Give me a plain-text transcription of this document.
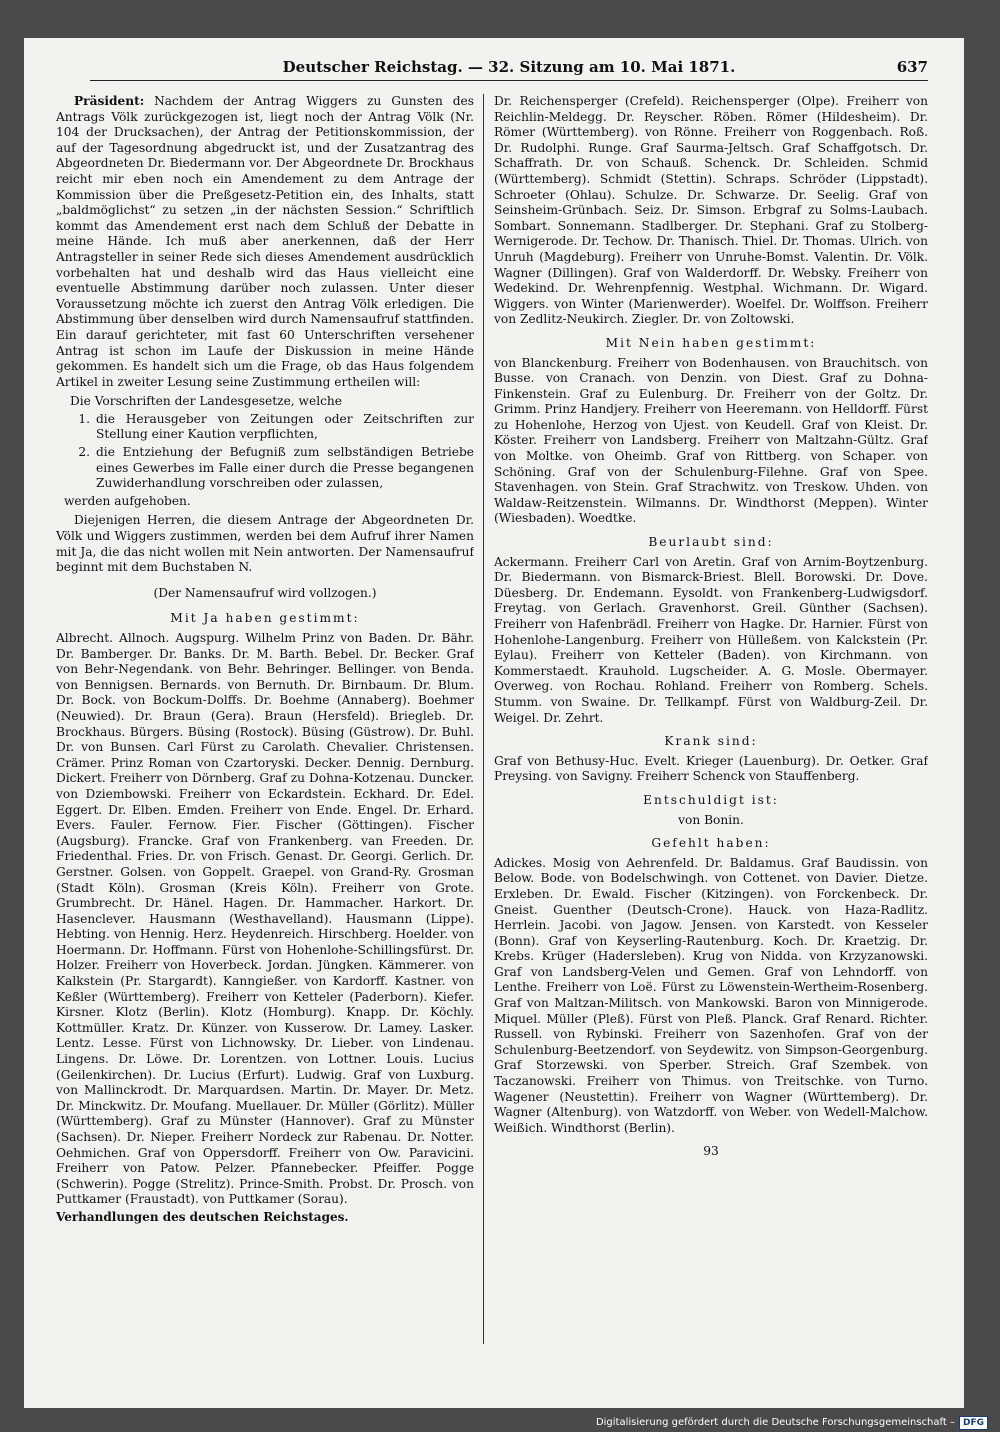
Deutscher Reichstag. — 32. Sitzung am 10. Mai 1871.	637

Präsident: Nachdem der Antrag Wiggers zu Gunsten des Antrags Völk zurückgezogen ist, liegt noch der Antrag Völk (Nr. 104 der Drucksachen), der Antrag der Petitionskommission, der auf der Tagesordnung abgedruckt ist, und der Zusatzantrag des Abgeordneten Dr. Biedermann vor. Der Abgeordnete Dr. Brockhaus reicht mir eben noch ein Amendement zu dem Antrage der Kommission über die Preßgesetz-Petition ein, des Inhalts, statt „baldmöglichst“ zu setzen „in der nächsten Session.“ Schriftlich kommt das Amendement erst nach dem Schluß der Debatte in meine Hände. Ich muß aber anerkennen, daß der Herr Antragsteller in seiner Rede sich dieses Amendement ausdrücklich vorbehalten hat und deshalb wird das Haus vielleicht eine eventuelle Abstimmung darüber noch zulassen. Unter dieser Voraussetzung möchte ich zuerst den Antrag Völk erledigen. Die Abstimmung über denselben wird durch Namensaufruf stattfinden. Ein darauf gerichteter, mit fast 60 Unterschriften versehener Antrag ist schon im Laufe der Diskussion in meine Hände gekommen. Es handelt sich um die Frage, ob das Haus folgendem Artikel in zweiter Lesung seine Zustimmung ertheilen will:

Die Vorschriften der Landesgesetze, welche
1. die Herausgeber von Zeitungen oder Zeitschriften zur Stellung einer Kaution verpflichten,
2. die Entziehung der Befugniß zum selbständigen Betriebe eines Gewerbes im Falle einer durch die Presse begangenen Zuwiderhandlung vorschreiben oder zulassen,
werden aufgehoben.

Diejenigen Herren, die diesem Antrage der Abgeordneten Dr. Völk und Wiggers zustimmen, werden bei dem Aufruf ihrer Namen mit Ja, die das nicht wollen mit Nein antworten. Der Namensaufruf beginnt mit dem Buchstaben N.

(Der Namensaufruf wird vollzogen.)
Mit Ja haben gestimmt:

Albrecht. Allnoch. Augspurg. Wilhelm Prinz von Baden. Dr. Bähr. Dr. Bamberger. Dr. Banks. Dr. M. Barth. Bebel. Dr. Becker. Graf von Behr-Negendank. von Behr. Behringer. Bellinger. von Benda. von Bennigsen. Bernards. von Bernuth. Dr. Birnbaum. Dr. Blum. Dr. Bock. von Bockum-Dolffs. Dr. Boehme (Annaberg). Boehmer (Neuwied). Dr. Braun (Gera). Braun (Hersfeld). Briegleb. Dr. Brockhaus. Bürgers. Büsing (Rostock). Büsing (Güstrow). Dr. Buhl. Dr. von Bunsen. Carl Fürst zu Carolath. Chevalier. Christensen. Crämer. Prinz Roman von Czartoryski. Decker. Dennig. Dernburg. Dickert. Freiherr von Dörnberg. Graf zu Dohna-Kotzenau. Duncker. von Dziembowski. Freiherr von Eckardstein. Eckhard. Dr. Edel. Eggert. Dr. Elben. Emden. Freiherr von Ende. Engel. Dr. Erhard. Evers. Fauler. Fernow. Fier. Fischer (Göttingen). Fischer (Augsburg). Francke. Graf von Frankenberg. van Freeden. Dr. Friedenthal. Fries. Dr. von Frisch. Genast. Dr. Georgi. Gerlich. Dr. Gerstner. Golsen. von Goppelt. Graepel. von Grand-Ry. Grosman (Stadt Köln). Grosman (Kreis Köln). Freiherr von Grote. Grumbrecht. Dr. Hänel. Hagen. Dr. Hammacher. Harkort. Dr. Hasenclever. Hausmann (Westhavelland). Hausmann (Lippe). Hebting. von Hennig. Herz. Heydenreich. Hirschberg. Hoelder. von Hoermann. Dr. Hoffmann. Fürst von Hohenlohe-Schillingsfürst. Dr. Holzer. Freiherr von Hoverbeck. Jordan. Jüngken. Kämmerer. von Kalkstein (Pr. Stargardt). Kanngießer. von Kardorff. Kastner. von Keßler (Württemberg). Freiherr von Ketteler (Paderborn). Kiefer. Kirsner. Klotz (Berlin). Klotz (Homburg). Knapp. Dr. Köchly. Kottmüller. Kratz. Dr. Künzer. von Kusserow. Dr. Lamey. Lasker. Lentz. Lesse. Fürst von Lichnowsky. Dr. Lieber. von Lindenau. Lingens. Dr. Löwe. Dr. Lorentzen. von Lottner. Louis. Lucius (Geilenkirchen). Dr. Lucius (Erfurt). Ludwig. Graf von Luxburg. von Mallinckrodt. Dr. Marquardsen. Martin. Dr. Mayer. Dr. Metz. Dr. Minckwitz. Dr. Moufang. Muellauer. Dr. Müller (Görlitz). Müller (Württemberg). Graf zu Münster (Hannover). Graf zu Münster (Sachsen). Dr. Nieper. Freiherr Nordeck zur Rabenau. Dr. Notter. Oehmichen. Graf von Oppersdorff. Freiherr von Ow. Paravicini. Freiherr von Patow. Pelzer. Pfannebecker. Pfeiffer. Pogge (Schwerin). Pogge (Strelitz). Prince-Smith. Probst. Dr. Prosch. von Puttkamer (Fraustadt). von Puttkamer (Sorau).

Verhandlungen des deutschen Reichstages.

Dr. Reichensperger (Crefeld). Reichensperger (Olpe). Freiherr von Reichlin-Meldegg. Dr. Reyscher. Röben. Römer (Hildesheim). Dr. Römer (Württemberg). von Rönne. Freiherr von Roggenbach. Roß. Dr. Rudolphi. Runge. Graf Saurma-Jeltsch. Graf Schaffgotsch. Dr. Schaffrath. Dr. von Schauß. Schenck. Dr. Schleiden. Schmid (Württemberg). Schmidt (Stettin). Schraps. Schröder (Lippstadt). Schroeter (Ohlau). Schulze. Dr. Schwarze. Dr. Seelig. Graf von Seinsheim-Grünbach. Seiz. Dr. Simson. Erbgraf zu Solms-Laubach. Sombart. Sonnemann. Stadlberger. Dr. Stephani. Graf zu Stolberg-Wernigerode. Dr. Techow. Dr. Thanisch. Thiel. Dr. Thomas. Ulrich. von Unruh (Magdeburg). Freiherr von Unruhe-Bomst. Valentin. Dr. Völk. Wagner (Dillingen). Graf von Walderdorff. Dr. Websky. Freiherr von Wedekind. Dr. Wehrenpfennig. Westphal. Wichmann. Dr. Wigard. Wiggers. von Winter (Marienwerder). Woelfel. Dr. Wolffson. Freiherr von Zedlitz-Neukirch. Ziegler. Dr. von Zoltowski.

Mit Nein haben gestimmt:

von Blanckenburg. Freiherr von Bodenhausen. von Brauchitsch. von Busse. von Cranach. von Denzin. von Diest. Graf zu Dohna-Finkenstein. Graf zu Eulenburg. Dr. Freiherr von der Goltz. Dr. Grimm. Prinz Handjery. Freiherr von Heeremann. von Helldorff. Fürst zu Hohenlohe, Herzog von Ujest. von Keudell. Graf von Kleist. Dr. Köster. Freiherr von Landsberg. Freiherr von Maltzahn-Gültz. Graf von Moltke. von Oheimb. Graf von Rittberg. von Schaper. von Schöning. Graf von der Schulenburg-Filehne. Graf von Spee. Stavenhagen. von Stein. Graf Strachwitz. von Treskow. Uhden. von Waldaw-Reitzenstein. Wilmanns. Dr. Windthorst (Meppen). Winter (Wiesbaden). Woedtke.

Beurlaubt sind:

Ackermann. Freiherr Carl von Aretin. Graf von Arnim-Boytzenburg. Dr. Biedermann. von Bismarck-Briest. Blell. Borowski. Dr. Dove. Düesberg. Dr. Endemann. Eysoldt. von Frankenberg-Ludwigsdorf. Freytag. von Gerlach. Gravenhorst. Greil. Günther (Sachsen). Freiherr von Hafenbrädl. Freiherr von Hagke. Dr. Harnier. Fürst von Hohenlohe-Langenburg. Freiherr von Hülleßem. von Kalckstein (Pr. Eylau). Freiherr von Ketteler (Baden). von Kirchmann. von Kommerstaedt. Krauhold. Lugscheider. A. G. Mosle. Obermayer. Overweg. von Rochau. Rohland. Freiherr von Romberg. Schels. Stumm. von Swaine. Dr. Tellkampf. Fürst von Waldburg-Zeil. Dr. Weigel. Dr. Zehrt.

Krank sind:

Graf von Bethusy-Huc. Evelt. Krieger (Lauenburg). Dr. Oetker. Graf Preysing. von Savigny. Freiherr Schenck von Stauffenberg.

Entschuldigt ist:

von Bonin.

Gefehlt haben:

Adickes. Mosig von Aehrenfeld. Dr. Baldamus. Graf Baudissin. von Below. Bode. von Bodelschwingh. von Cottenet. von Davier. Dietze. Erxleben. Dr. Ewald. Fischer (Kitzingen). von Forckenbeck. Dr. Gneist. Guenther (Deutsch-Crone). Hauck. von Haza-Radlitz. Herrlein. Jacobi. von Jagow. Jensen. von Karstedt. von Kesseler (Bonn). Graf von Keyserling-Rautenburg. Koch. Dr. Kraetzig. Dr. Krebs. Krüger (Hadersleben). Krug von Nidda. von Krzyzanowski. Graf von Landsberg-Velen und Gemen. Graf von Lehndorff. von Lenthe. Freiherr von Loë. Fürst zu Löwenstein-Wertheim-Rosenberg. Graf von Maltzan-Militsch. von Mankowski. Baron von Minnigerode. Miquel. Müller (Pleß). Fürst von Pleß. Planck. Graf Renard. Richter. Russell. von Rybinski. Freiherr von Sazenhofen. Graf von der Schulenburg-Beetzendorf. von Seydewitz. von Simpson-Georgenburg. Graf Storzewski. von Sperber. Streich. Graf Szembek. von Taczanowski. Freiherr von Thimus. von Treitschke. von Turno. Wagener (Neustettin). Freiherr von Wagner (Württemberg). Dr. Wagner (Altenburg). von Watzdorff. von Weber. von Wedell-Malchow. Weißich. Windthorst (Berlin).

93
Digitalisierung gefördert durch die Deutsche Forschungsgemeinschaft – DFG
